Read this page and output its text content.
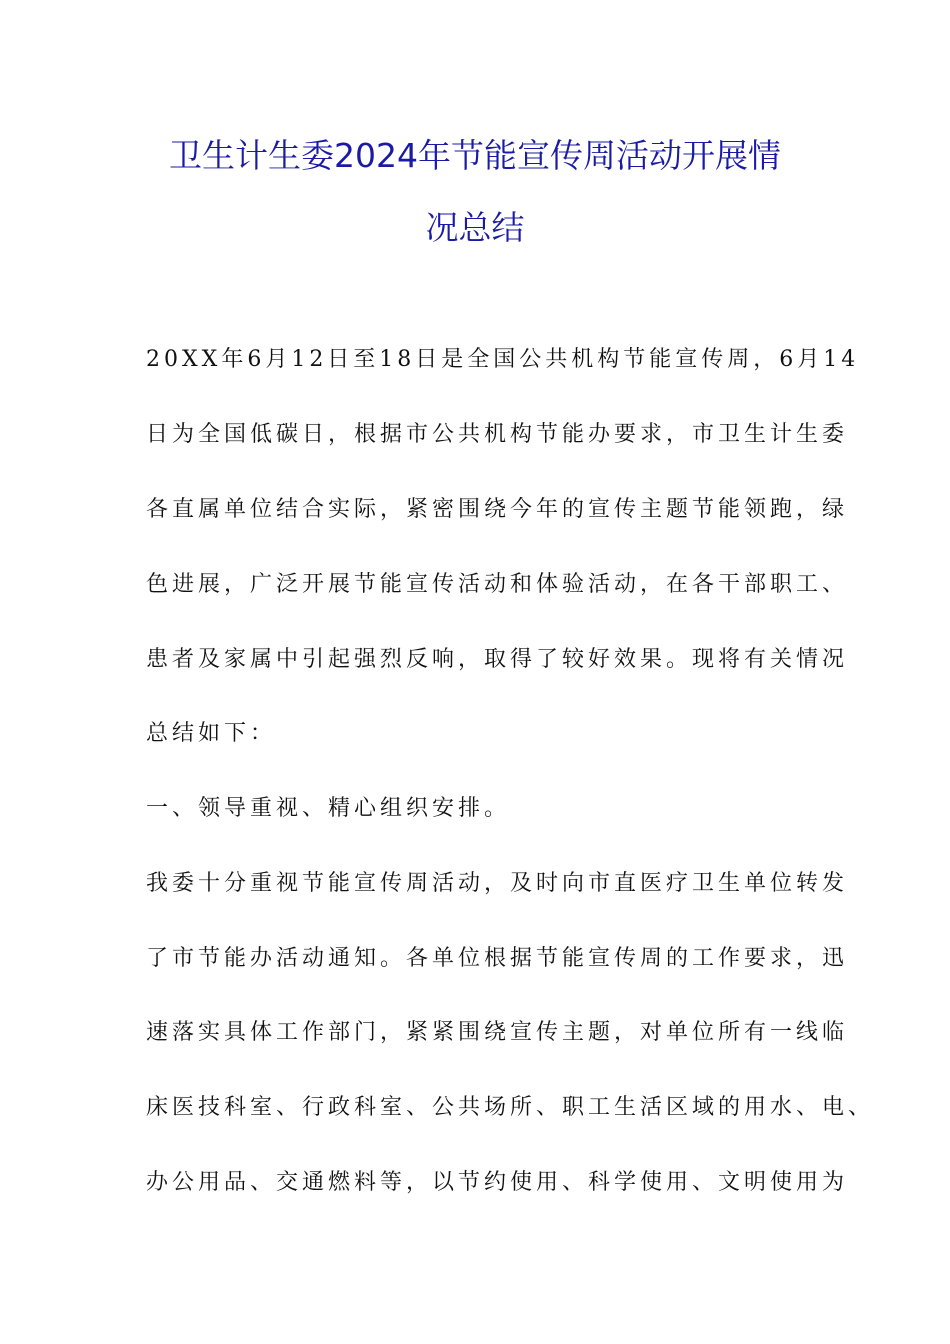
卫生计生委2024年节能宣传周活动开展情
况总结
20XX年6月12日至18日是全国公共机构节能宣传周，6月14
日为全国低碳日，根据市公共机构节能办要求，市卫生计生委
各直属单位结合实际，紧密围绕今年的宣传主题节能领跑，绿
色进展，广泛开展节能宣传活动和体验活动，在各干部职工、
患者及家属中引起强烈反响，取得了较好效果。现将有关情况
总结如下：
一、领导重视、精心组织安排。
我委十分重视节能宣传周活动，及时向市直医疗卫生单位转发
了市节能办活动通知。各单位根据节能宣传周的工作要求，迅
速落实具体工作部门，紧紧围绕宣传主题，对单位所有一线临
床医技科室、行政科室、公共场所、职工生活区域的用水、电、
办公用品、交通燃料等，以节约使用、科学使用、文明使用为
